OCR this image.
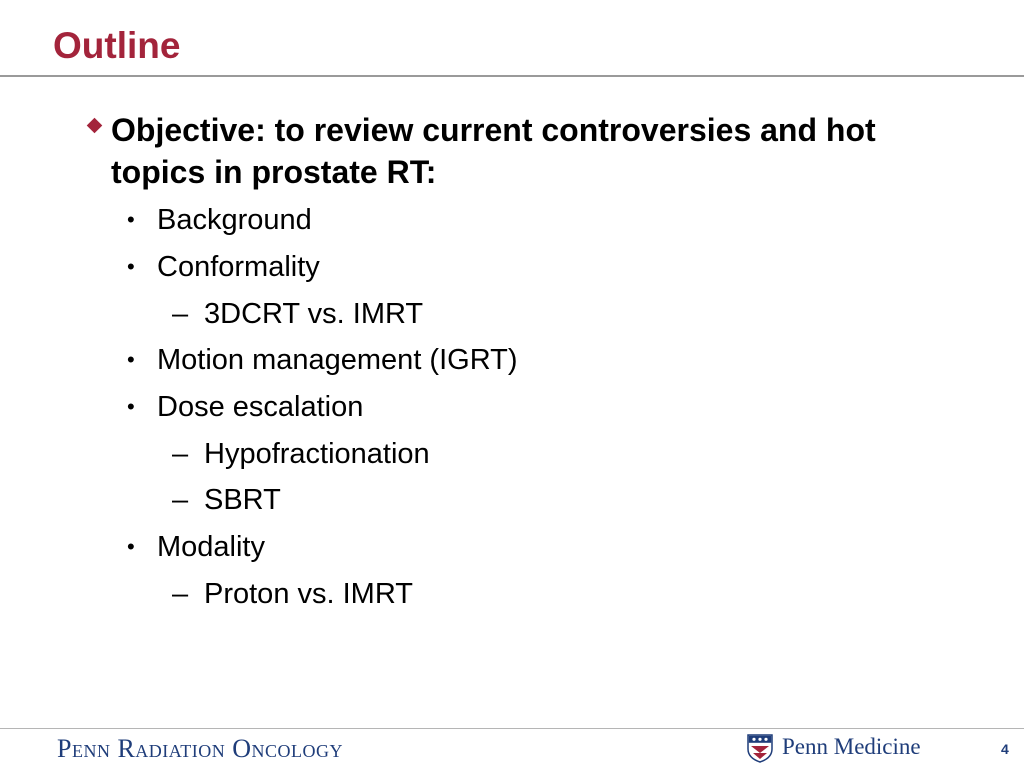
Outline
Objective: to review current controversies and hot topics in prostate RT:
• Background
• Conformality
– 3DCRT vs. IMRT
• Motion management (IGRT)
• Dose escalation
– Hypofractionation
– SBRT
• Modality
– Proton vs. IMRT
Penn Radiation Oncology	Penn Medicine	4
